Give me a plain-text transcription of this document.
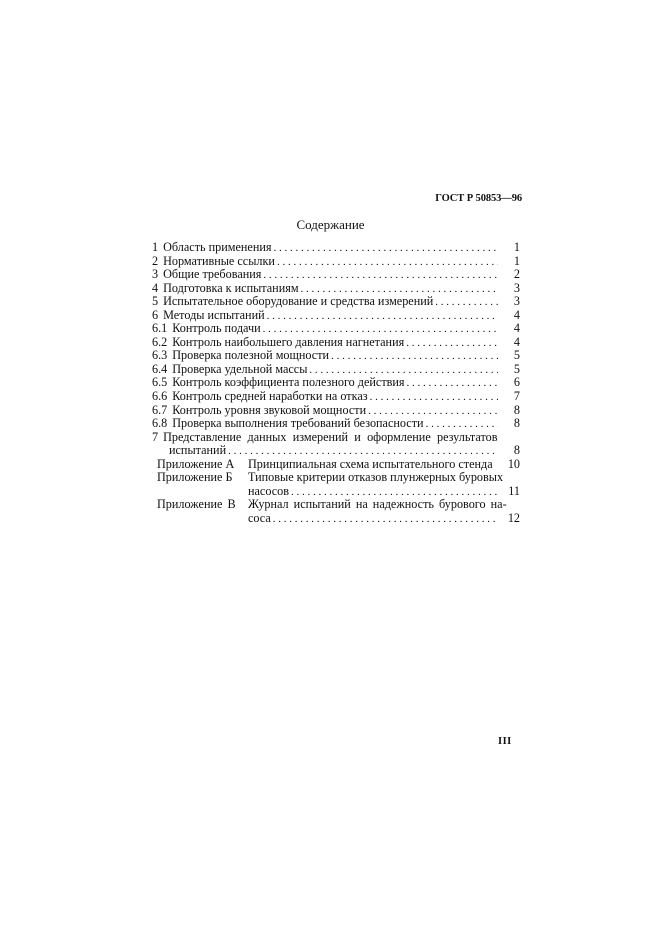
ГОСТ Р 50853—96
Содержание
1 Область применения . . .	1
2 Нормативные ссылки . . .	1
3 Общие требования . . .	2
4 Подготовка к испытаниям . . .	3
5 Испытательное оборудование и средства измерений . . .	3
6 Методы испытаний . . .	4
6.1 Контроль подачи . . .	4
6.2 Контроль наибольшего давления нагнетания . . .	4
6.3 Проверка полезной мощности . . .	5
6.4 Проверка удельной массы . . .	5
6.5 Контроль коэффициента полезного действия . . .	6
6.6 Контроль средней наработки на отказ . . .	7
6.7 Контроль уровня звуковой мощности . . .	8
6.8 Проверка выполнения требований безопасности . . .	8
7 Представление данных измерений и оформление результатов
испытаний . . .	8
Приложение А Принципиальная схема испытательного стенда	10
Приложение Б Типовые критерии отказов плунжерных буровых
насосов . . .	11
Приложение В Журнал испытаний на надежность бурового на-
соса . . .	12
III
